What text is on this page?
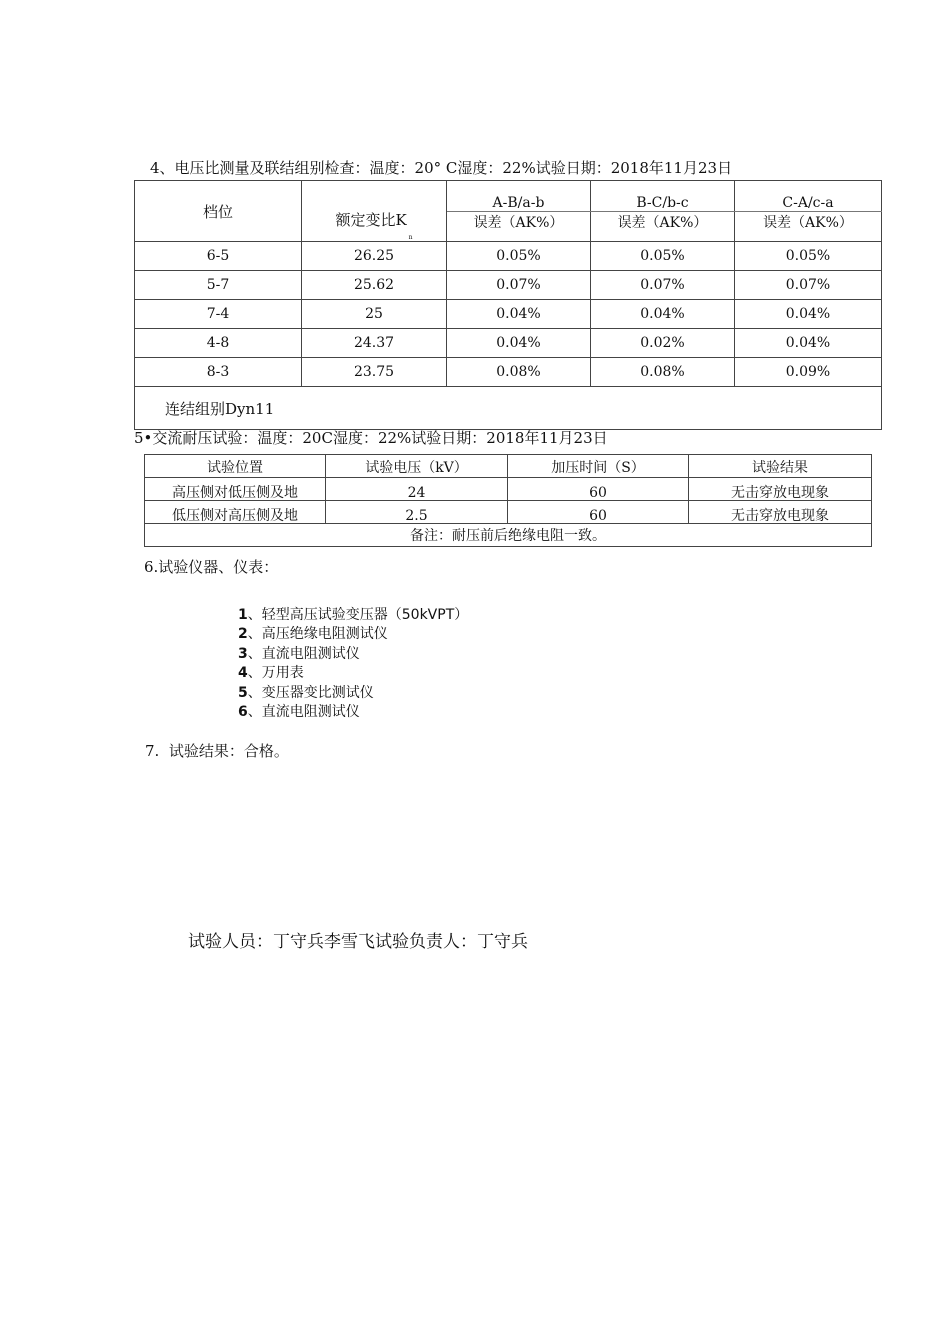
4、电压比测量及联结组别检查：温度：20° C湿度：22%试验日期：2018年11月23日
档位	额定变比$K_n$	A-B/a-b	B-C/b-c	C-A/c-a
		误差（AK%）	误差（AK%）	误差（AK%）
6-5	26.25	0.05%	0.05%	0.05%
5-7	25.62	0.07%	0.07%	0.07%
7-4	25	0.04%	0.04%	0.04%
4-8	24.37	0.04%	0.02%	0.04%
8-3	23.75	0.08%	0.08%	0.09%
连结组别Dyn11				
5•交流耐压试验：温度：20C湿度：22%试验日期：2018年11月23日
试验位置	试验电压（kV）	加压时间（S）	试验结果
高压侧对低压侧及地	24	60	无击穿放电现象
低压侧对高压侧及地	2.5	60	无击穿放电现象
备注：耐压前后绝缘电阻一致。			
6.试验仪器、仪表：
1、轻型高压试验变压器（50kVPT）
2、高压绝缘电阻测试仪
3、直流电阻测试仪
4、万用表
5、变压器变比测试仪
6、直流电阻测试仪
7.  试验结果：合格。
试验人员：丁守兵李雪飞试验负责人：丁守兵
